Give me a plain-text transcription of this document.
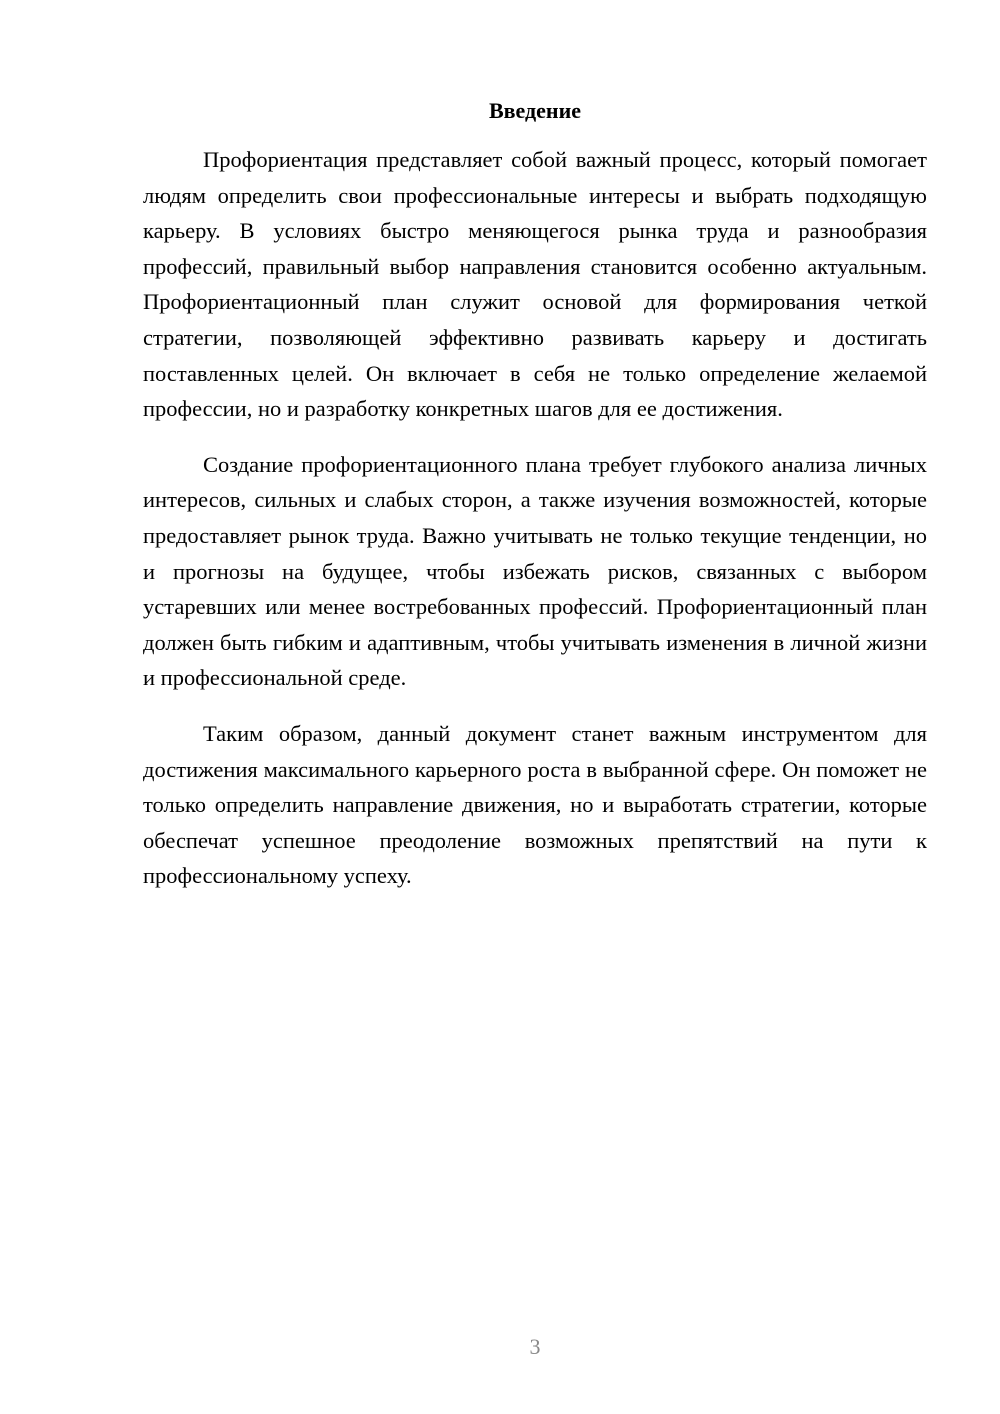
Введение

Профориентация представляет собой важный процесс, который помогает людям определить свои профессиональные интересы и выбрать подходящую карьеру. В условиях быстро меняющегося рынка труда и разнообразия профессий, правильный выбор направления становится особенно актуальным. Профориентационный план служит основой для формирования четкой стратегии, позволяющей эффективно развивать карьеру и достигать поставленных целей. Он включает в себя не только определение желаемой профессии, но и разработку конкретных шагов для ее достижения.

Создание профориентационного плана требует глубокого анализа личных интересов, сильных и слабых сторон, а также изучения возможностей, которые предоставляет рынок труда. Важно учитывать не только текущие тенденции, но и прогнозы на будущее, чтобы избежать рисков, связанных с выбором устаревших или менее востребованных профессий. Профориентационный план должен быть гибким и адаптивным, чтобы учитывать изменения в личной жизни и профессиональной среде.

Таким образом, данный документ станет важным инструментом для достижения максимального карьерного роста в выбранной сфере. Он поможет не только определить направление движения, но и выработать стратегии, которые обеспечат успешное преодоление возможных препятствий на пути к профессиональному успеху.

3
